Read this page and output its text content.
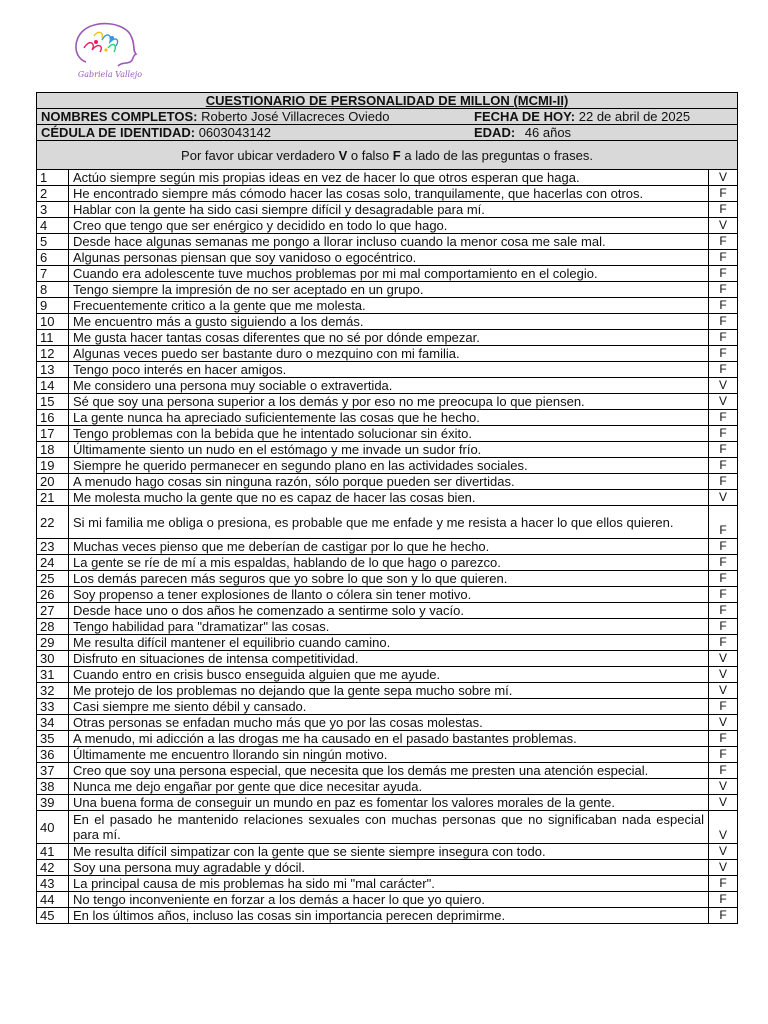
Gabriela Vallejo
CUESTIONARIO DE PERSONALIDAD DE MILLON (MCMI-II)		

NOMBRES COMPLETOS: Roberto José Villacreces Oviedo FECHA DE HOY: 22 de abril de 2025		

CÉDULA DE IDENTIDAD: 0603043142 EDAD: 46 años		

Por favor ubicar verdadero V o falso F a lado de las preguntas o frases.		
1	Actúo siempre según mis propias ideas en vez de hacer lo que otros esperan que haga.	V
2	He encontrado siempre más cómodo hacer las cosas solo, tranquilamente, que hacerlas con otros.	F
3	Hablar con la gente ha sido casi siempre difícil y desagradable para mí.	F
4	Creo que tengo que ser enérgico y decidido en todo lo que hago.	V
5	Desde hace algunas semanas me pongo a llorar incluso cuando la menor cosa me sale mal.	F
6	Algunas personas piensan que soy vanidoso o egocéntrico.	F
7	Cuando era adolescente tuve muchos problemas por mi mal comportamiento en el colegio.	F
8	Tengo siempre la impresión de no ser aceptado en un grupo.	F
9	Frecuentemente critico a la gente que me molesta.	F
10	Me encuentro más a gusto siguiendo a los demás.	F
11	Me gusta hacer tantas cosas diferentes que no sé por dónde empezar.	F
12	Algunas veces puedo ser bastante duro o mezquino con mi familia.	F
13	Tengo poco interés en hacer amigos.	F
14	Me considero una persona muy sociable o extravertida.	V
15	Sé que soy una persona superior a los demás y por eso no me preocupa lo que piensen.	V
16	La gente nunca ha apreciado suficientemente las cosas que he hecho.	F
17	Tengo problemas con la bebida que he intentado solucionar sin éxito.	F
18	Últimamente siento un nudo en el estómago y me invade un sudor frío.	F
19	Siempre he querido permanecer en segundo plano en las actividades sociales.	F
20	A menudo hago cosas sin ninguna razón, sólo porque pueden ser divertidas.	F
21	Me molesta mucho la gente que no es capaz de hacer las cosas bien.	V
22	Si mi familia me obliga o presiona, es probable que me enfade y me resista a hacer lo que ellos quieren.	F
23	Muchas veces pienso que me deberían de castigar por lo que he hecho.	F
24	La gente se ríe de mí a mis espaldas, hablando de lo que hago o parezco.	F
25	Los demás parecen más seguros que yo sobre lo que son y lo que quieren.	F
26	Soy propenso a tener explosiones de llanto o cólera sin tener motivo.	F
27	Desde hace uno o dos años he comenzado a sentirme solo y vacío.	F
28	Tengo habilidad para "dramatizar" las cosas.	F
29	Me resulta difícil mantener el equilibrio cuando camino.	F
30	Disfruto en situaciones de intensa competitividad.	V
31	Cuando entro en crisis busco enseguida alguien que me ayude.	V
32	Me protejo de los problemas no dejando que la gente sepa mucho sobre mí.	V
33	Casi siempre me siento débil y cansado.	F
34	Otras personas se enfadan mucho más que yo por las cosas molestas.	V
35	A menudo, mi adicción a las drogas me ha causado en el pasado bastantes problemas.	F
36	Últimamente me encuentro llorando sin ningún motivo.	F
37	Creo que soy una persona especial, que necesita que los demás me presten una atención especial.	F
38	Nunca me dejo engañar por gente que dice necesitar ayuda.	V
39	Una buena forma de conseguir un mundo en paz es fomentar los valores morales de la gente.	V
40	En el pasado he mantenido relaciones sexuales con muchas personas que no significaban nada especial para mí.	V
41	Me resulta difícil simpatizar con la gente que se siente siempre insegura con todo.	V
42	Soy una persona muy agradable y dócil.	V
43	La principal causa de mis problemas ha sido mi "mal carácter".	F
44	No tengo inconveniente en forzar a los demás a hacer lo que yo quiero.	F
45	En los últimos años, incluso las cosas sin importancia perecen deprimirme.	F
